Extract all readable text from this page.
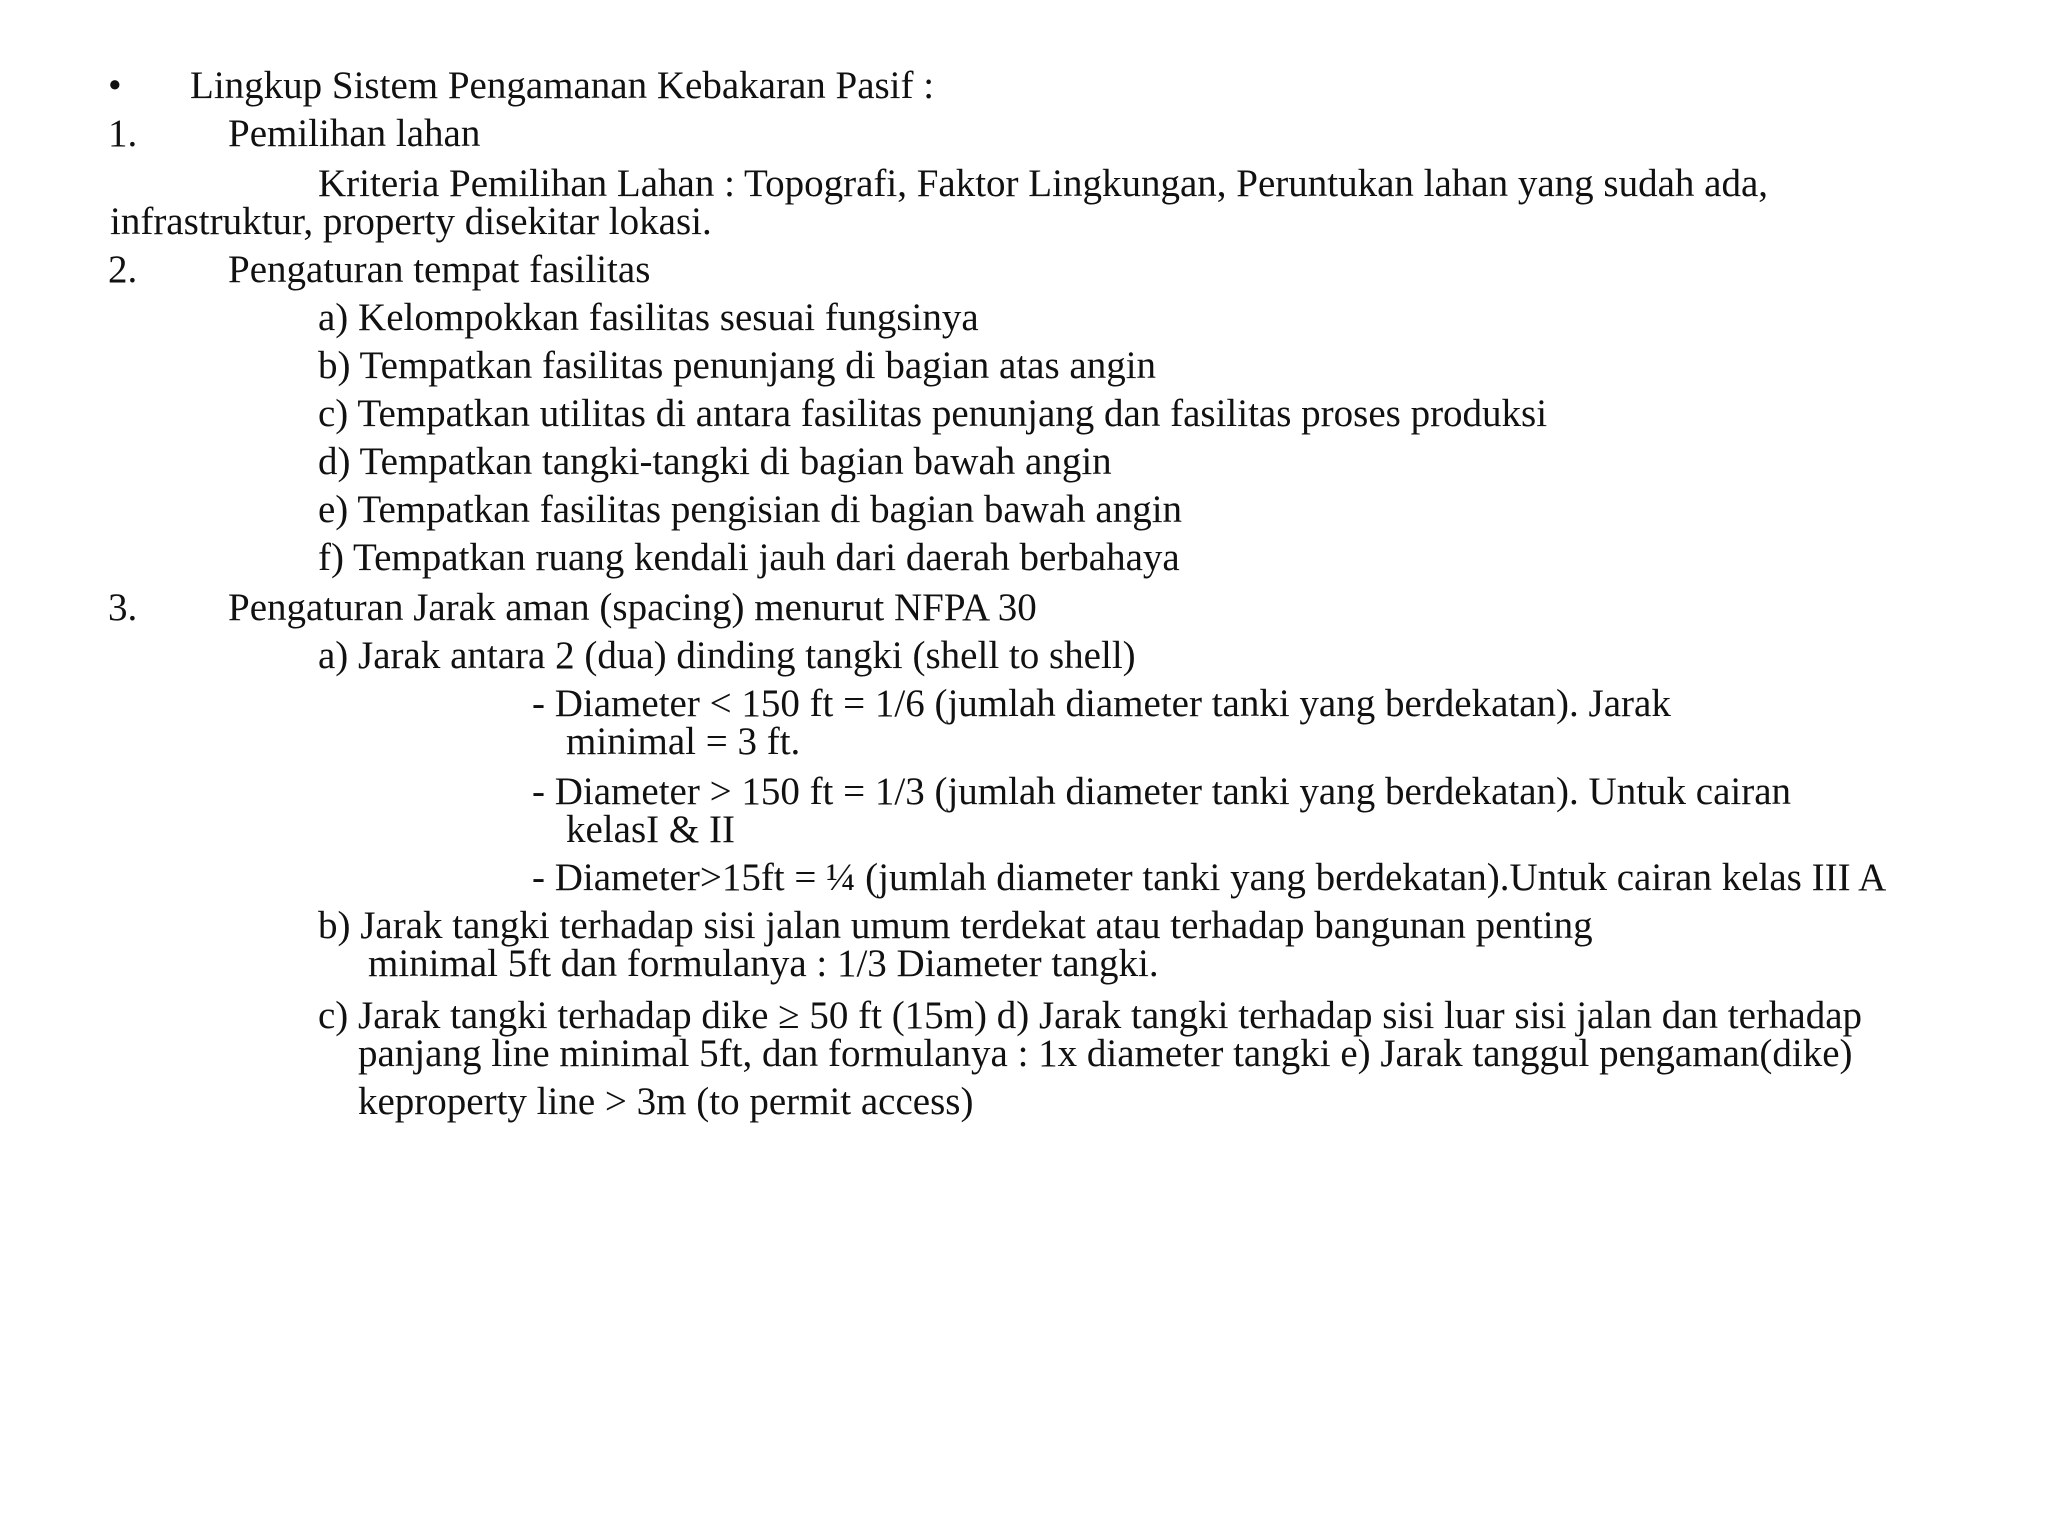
• Lingkup Sistem Pengamanan Kebakaran Pasif :
1. Pemilihan lahan
Kriteria Pemilihan Lahan : Topografi, Faktor Lingkungan, Peruntukan lahan yang sudah ada,
infrastruktur, property disekitar lokasi.
2. Pengaturan tempat fasilitas
a) Kelompokkan fasilitas sesuai fungsinya
b) Tempatkan fasilitas penunjang di bagian atas angin
c) Tempatkan utilitas di antara fasilitas penunjang dan fasilitas proses produksi
d) Tempatkan tangki-tangki di bagian bawah angin
e) Tempatkan fasilitas pengisian di bagian bawah angin
f) Tempatkan ruang kendali jauh dari daerah berbahaya
3. Pengaturan Jarak aman (spacing) menurut NFPA 30
a) Jarak antara 2 (dua) dinding tangki (shell to shell)
- Diameter < 150 ft = 1/6 (jumlah diameter tanki yang berdekatan). Jarak
minimal = 3 ft.
- Diameter > 150 ft = 1/3 (jumlah diameter tanki yang berdekatan). Untuk cairan
kelasI & II
- Diameter>15ft = ¼ (jumlah diameter tanki yang berdekatan).Untuk cairan kelas III A
b) Jarak tangki terhadap sisi jalan umum terdekat atau terhadap bangunan penting
minimal 5ft dan formulanya : 1/3 Diameter tangki.
c) Jarak tangki terhadap dike ≥ 50 ft (15m) d) Jarak tangki terhadap sisi luar sisi jalan dan terhadap
panjang line minimal 5ft, dan formulanya : 1x diameter tangki e) Jarak tanggul pengaman(dike)
keproperty line > 3m (to permit access)
